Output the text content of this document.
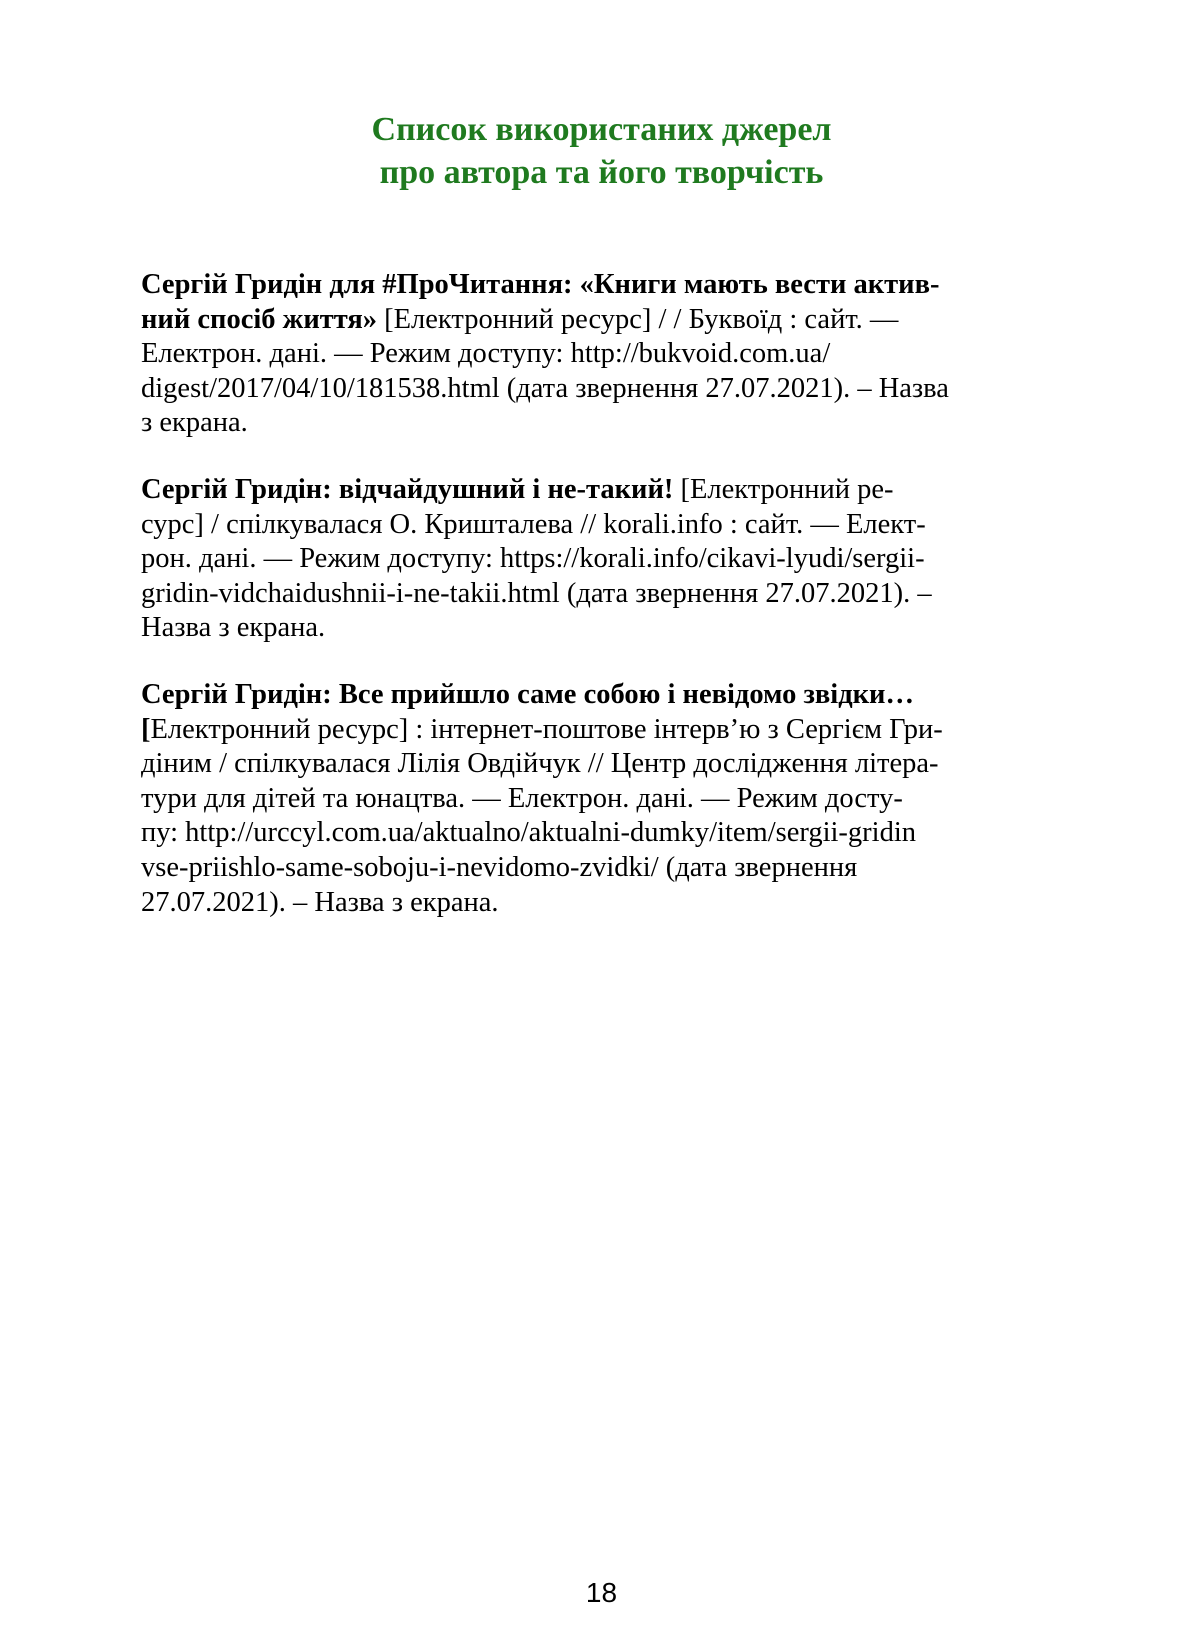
Список використаних джерел
про автора та його творчість
Сергій Гридін для #ПроЧитання: «Книги мають вести актив-
ний спосіб життя» [Електронний ресурс] / / Буквоїд : сайт. —
Електрон. дані. — Режим доступу: http://bukvoid.com.ua/
digest/2017/04/10/181538.html (дата звернення 27.07.2021). – Назва
з екрана.
Сергій Гридін: відчайдушний і не-такий! [Електронний ре-
сурс] / спілкувалася О. Кришталева // korali.info : сайт. — Елект-
рон. дані. — Режим доступу: https://korali.info/cikavi-lyudi/sergii-
gridin-vidchaidushnii-i-ne-takii.html (дата звернення 27.07.2021). –
Назва з екрана.
Сергій Гридін: Все прийшло саме собою і невідомо звідки…
[Електронний ресурс] : інтернет-поштове інтерв’ю з Сергієм Гри-
діним / спілкувалася Лілія Овдійчук // Центр дослідження літера-
тури для дітей та юнацтва. — Електрон. дані. — Режим досту-
пу: http://urccyl.com.ua/aktualno/aktualni-dumky/item/sergii-gridin
vse-priishlo-same-soboju-i-nevidomo-zvidki/ (дата звернення
27.07.2021). – Назва з екрана.
18
